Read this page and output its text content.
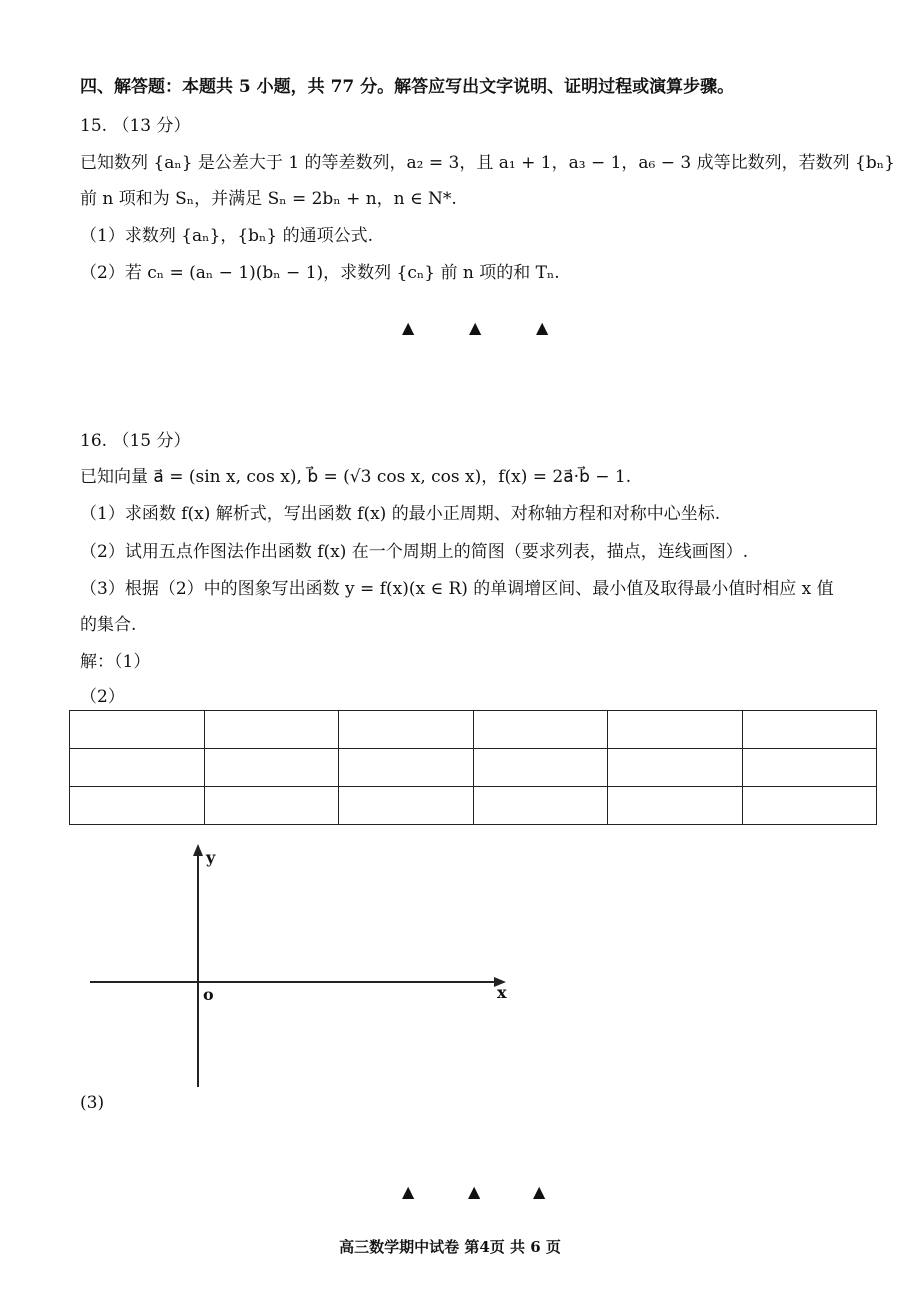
四、解答题：本题共 5 小题，共 77 分。解答应写出文字说明、证明过程或演算步骤。
15. （13 分）
已知数列 {aₙ} 是公差大于 1 的等差数列，a₂ = 3，且 a₁ + 1，a₃ − 1，a₆ − 3 成等比数列，若数列 {bₙ}
前 n 项和为 Sₙ，并满足 Sₙ = 2bₙ + n，n ∈ N*.
（1）求数列 {aₙ}，{bₙ} 的通项公式.
（2）若 cₙ = (aₙ − 1)(bₙ − 1)，求数列 {cₙ} 前 n 项的和 Tₙ.
▲	▲	▲
16. （15 分）
已知向量 a⃗ = (sin x, cos x), b⃗ = (√3 cos x, cos x)，f(x) = 2a⃗·b⃗ − 1.
（1）求函数 f(x) 解析式，写出函数 f(x) 的最小正周期、对称轴方程和对称中心坐标.
（2）试用五点作图法作出函数 f(x) 在一个周期上的简图（要求列表，描点，连线画图）.
（3）根据（2）中的图象写出函数 y = f(x)(x ∈ R) 的单调增区间、最小值及取得最小值时相应 x 值
的集合.
解：（1）
（2）

y
x
o
(3)
▲	▲	▲
高三数学期中试卷 第4页 共 6 页
